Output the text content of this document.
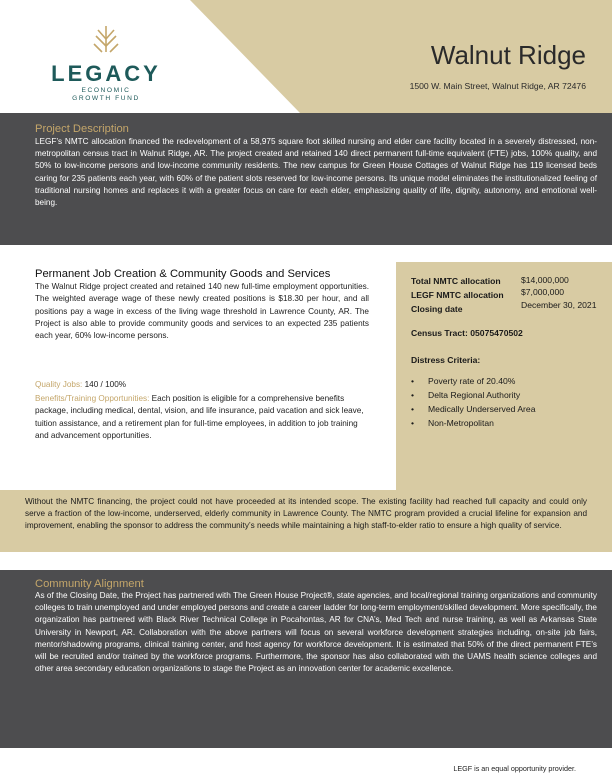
LEGACY
ECONOMIC
GROWTH FUND
Walnut Ridge
1500 W. Main Street, Walnut Ridge, AR 72476
Project Description
LEGF’s NMTC allocation financed the redevelopment of a 58,975 square foot skilled nursing and elder care facility located in a severely distressed, non-metropolitan census tract in Walnut Ridge, AR. The project created and retained 140 direct permanent full-time equivalent (FTE) jobs, 100% quality, and 50% to low-income persons and low-income community residents. The new campus for Green House Cottages of Walnut Ridge has 119 licensed beds caring for 235 patients each year, with 60% of the patient slots reserved for low-income persons. Its unique model eliminates the institutionalized feeling of traditional nursing homes and replaces it with a greater focus on care for each elder, emphasizing quality of life, dignity, autonomy, and emotional well-being.
Permanent Job Creation & Community Goods and Services
The Walnut Ridge project created and retained 140 new full-time employment opportunities. The weighted average wage of these newly created positions is $18.30 per hour, and all positions pay a wage in excess of the living wage threshold in Lawrence County, AR. The Project is also able to provide community goods and services to an expected 235 patients each year, 60% low-income persons.
Quality Jobs: 140 / 100%
Benefits/Training Opportunities: Each position is eligible for a comprehensive benefits package, including medical, dental, vision, and life insurance, paid vacation and sick leave, tuition assistance, and a retirement plan for full-time employees, in addition to job training and advancement opportunities.
Total NMTC allocation $14,000,000
LEGF NMTC allocation $7,000,000
Closing date	December 30, 2021
Census Tract: 05075470502
Distress Criteria:
• Poverty rate of 20.40%
• Delta Regional Authority
• Medically Underserved Area
• Non-Metropolitan
Without the NMTC financing, the project could not have proceeded at its intended scope. The existing facility had reached full capacity and could only serve a fraction of the low-income, underserved, elderly community in Lawrence County. The NMTC program provided a crucial lifeline for expansion and improvement, enabling the sponsor to address the community’s needs while maintaining a high staff-to-elder ratio to ensure a high quality of service.
Community Alignment
As of the Closing Date, the Project has partnered with The Green House Project®, state agencies, and local/regional training organizations and community colleges to train unemployed and under employed persons and create a career ladder for long-term employment/skilled development. More specifically, the organization has partnered with Black River Technical College in Pocahontas, AR for CNA’s, Med Tech and nurse training, as well as Arkansas State University in Newport, AR. Collaboration with the above partners will focus on several workforce development strategies including, on-site job fairs, mentor/shadowing programs, clinical training center, and host agency for workforce development. It is estimated that 50% of the direct permanent FTE’s will be recruited and/or trained by the workforce programs. Furthermore, the sponsor has also collaborated with the UAMS health science colleges and other area secondary education organizations to stage the Project as an innovation center for academic excellence.
LEGF is an equal opportunity provider.
